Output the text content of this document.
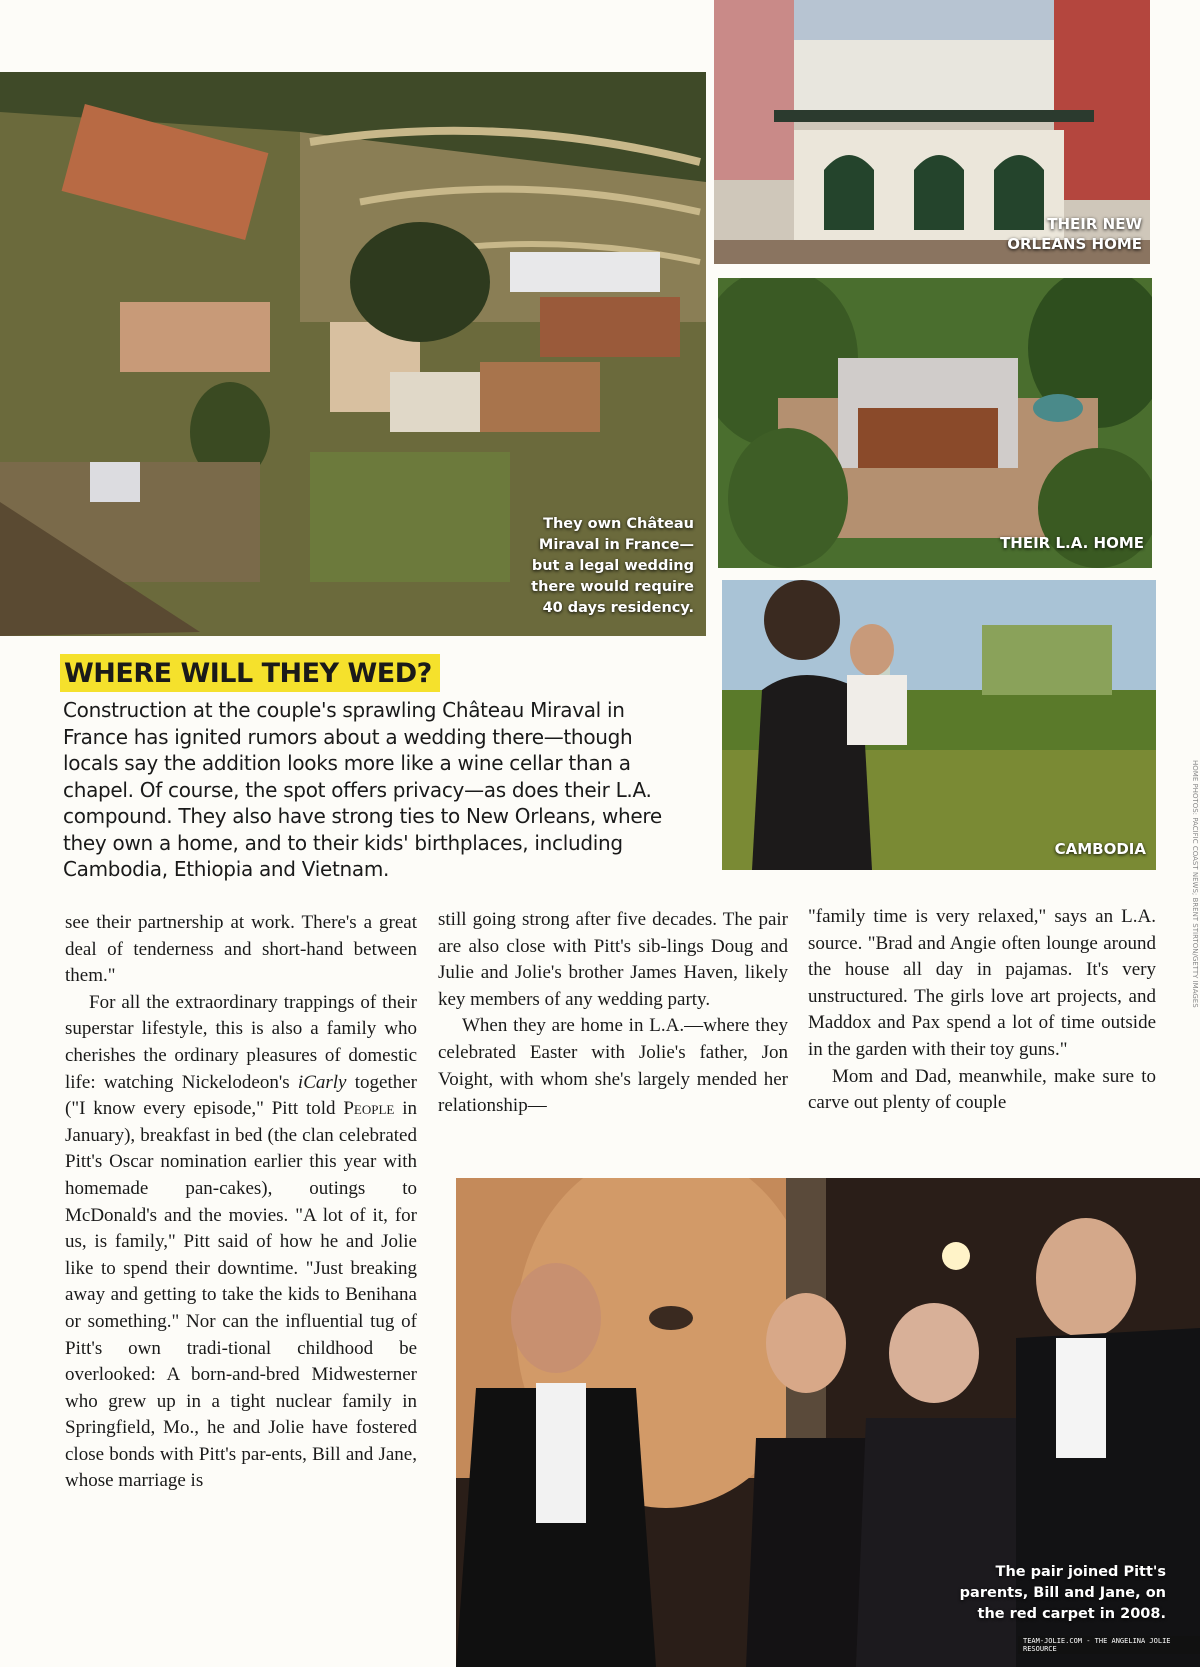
They own Château
Miraval in France—
but a legal wedding
there would require
40 days residency.
THEIR NEW
ORLEANS HOME
THEIR L.A. HOME
CAMBODIA
WHERE WILL THEY WED?
Construction at the couple's sprawling Château Miraval in France has ignited rumors about a wedding there—though locals say the addition looks more like a wine cellar than a chapel. Of course, the spot offers privacy—as does their L.A. compound. They also have strong ties to New Orleans, where they own a home, and to their kids' birthplaces, including Cambodia, Ethiopia and Vietnam.

see their partnership at work. There's a great deal of tenderness and short-hand between them."

For all the extraordinary trappings of their superstar lifestyle, this is also a family who cherishes the ordinary pleasures of domestic life: watching Nickelodeon's iCarly together ("I know every episode," Pitt told People in January), breakfast in bed (the clan celebrated Pitt's Oscar nomination earlier this year with homemade pan-cakes), outings to McDonald's and the movies. "A lot of it, for us, is family," Pitt said of how he and Jolie like to spend their downtime. "Just breaking away and getting to take the kids to Benihana or something." Nor can the influential tug of Pitt's own tradi-tional childhood be overlooked: A born-and-bred Midwesterner who grew up in a tight nuclear family in Springfield, Mo., he and Jolie have fostered close bonds with Pitt's par-ents, Bill and Jane, whose marriage is

still going strong after five decades. The pair are also close with Pitt's sib-lings Doug and Julie and Jolie's brother James Haven, likely key members of any wedding party.

When they are home in L.A.—where they celebrated Easter with Jolie's father, Jon Voight, with whom she's largely mended her relationship—

"family time is very relaxed," says an L.A. source. "Brad and Angie often lounge around the house all day in pajamas. It's very unstructured. The girls love art projects, and Maddox and Pax spend a lot of time outside in the garden with their toy guns."

Mom and Dad, meanwhile, make sure to carve out plenty of couple

The pair joined Pitt's
parents, Bill and Jane, on
the red carpet in 2008.
HOME PHOTOS: PACIFIC COAST NEWS; BRENT STIRTON/GETTY IMAGES
TEAM-JOLIE.COM - THE ANGELINA JOLIE RESOURCE
